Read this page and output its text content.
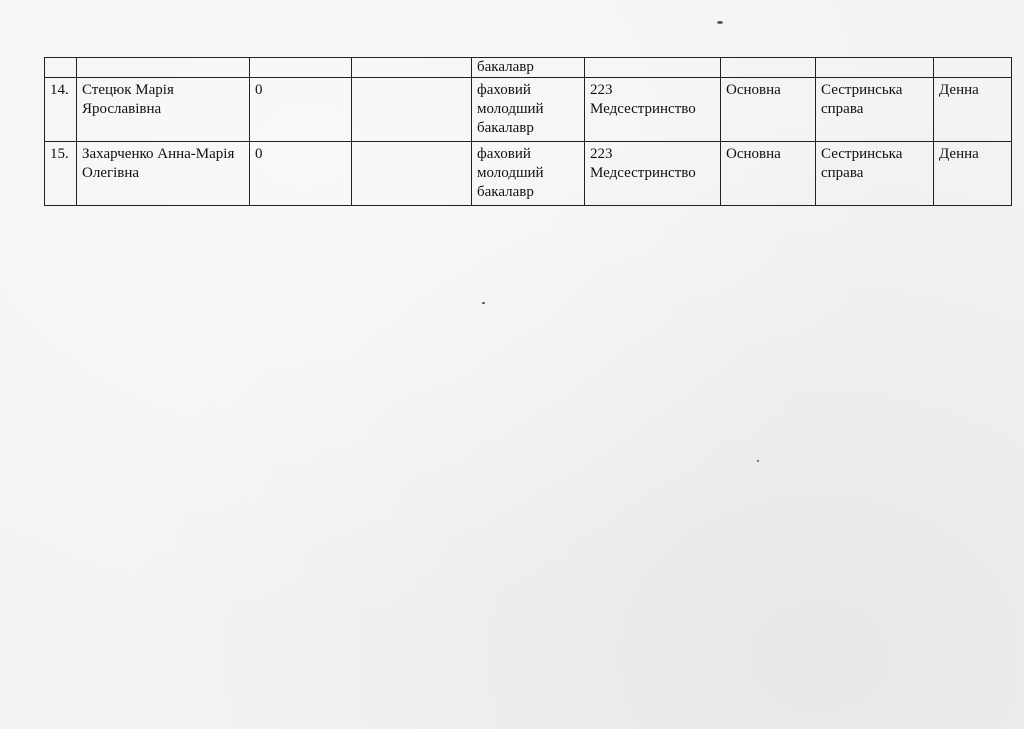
				бакалавр				
14.	Стецюк Марія Ярославівна	0		фаховий молодший бакалавр	223 Медсестринство	Основна	Сестринська справа	Денна
15.	Захарченко Анна-Марія Олегівна	0		фаховий молодший бакалавр	223 Медсестринство	Основна	Сестринська справа	Денна
